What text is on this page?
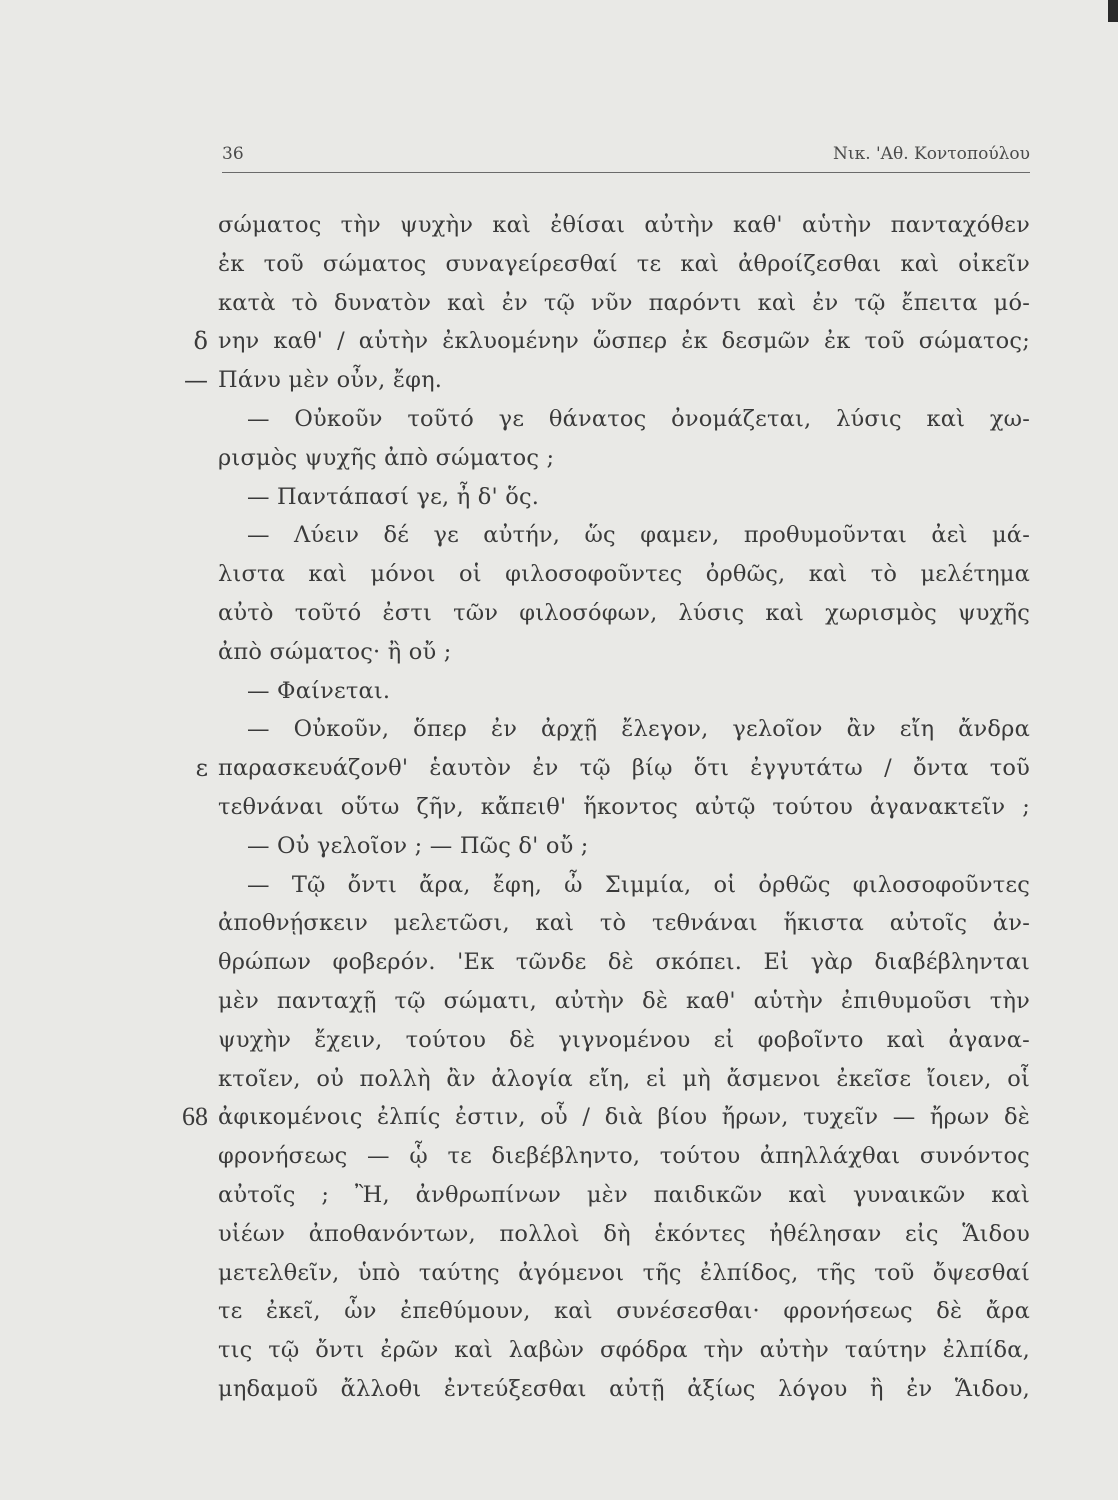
36	Νικ. 'Αθ. Κοντοπούλου
σώματος τὴν ψυχὴν καὶ ἐθίσαι αὐτὴν καθ' αὑτὴν πανταχόθεν
ἐκ τοῦ σώματος συναγείρεσθαί τε καὶ ἀθροίζεσθαι καὶ οἰκεῖν
κατὰ τὸ δυνατὸν καὶ ἐν τῷ νῦν παρόντι καὶ ἐν τῷ ἔπειτα μό-
δ νην καθ' / αὑτὴν ἐκλυομένην ὥσπερ ἐκ δεσμῶν ἐκ τοῦ σώματος;
— Πάνυ μὲν οὖν, ἔφη.
— Οὐκοῦν τοῦτό γε θάνατος ὀνομάζεται, λύσις καὶ χω-
ρισμὸς ψυχῆς ἀπὸ σώματος ;
— Παντάπασί γε, ἦ δ' ὅς.
— Λύειν δέ γε αὐτήν, ὥς φαμεν, προθυμοῦνται ἀεὶ μά-
λιστα καὶ μόνοι οἱ φιλοσοφοῦντες ὀρθῶς, καὶ τὸ μελέτημα
αὐτὸ τοῦτό ἐστι τῶν φιλοσόφων, λύσις καὶ χωρισμὸς ψυχῆς
ἀπὸ σώματος· ἢ οὔ ;
— Φαίνεται.
— Οὐκοῦν, ὅπερ ἐν ἀρχῇ ἔλεγον, γελοῖον ἂν εἴη ἄνδρα
ε παρασκευάζονθ' ἑαυτὸν ἐν τῷ βίῳ ὅτι ἐγγυτάτω / ὄντα τοῦ
τεθνάναι οὕτω ζῆν, κἄπειθ' ἥκοντος αὐτῷ τούτου ἀγανακτεῖν ;
— Οὐ γελοῖον ; — Πῶς δ' οὔ ;
— Τῷ ὄντι ἄρα, ἔφη, ὦ Σιμμία, οἱ ὀρθῶς φιλοσοφοῦντες
ἀποθνῄσκειν μελετῶσι, καὶ τὸ τεθνάναι ἥκιστα αὐτοῖς ἀν-
θρώπων φοβερόν. 'Εκ τῶνδε δὲ σκόπει. Εἰ γὰρ διαβέβληνται
μὲν πανταχῇ τῷ σώματι, αὐτὴν δὲ καθ' αὑτὴν ἐπιθυμοῦσι τὴν
ψυχὴν ἔχειν, τούτου δὲ γιγνομένου εἰ φοβοῖντο καὶ ἀγανα-
κτοῖεν, οὐ πολλὴ ἂν ἀλογία εἴη, εἰ μὴ ἄσμενοι ἐκεῖσε ἴοιεν, οἷ
68 ἀφικομένοις ἐλπίς ἐστιν, οὗ / διὰ βίου ἤρων, τυχεῖν — ἤρων δὲ
φρονήσεως — ᾧ τε διεβέβληντο, τούτου ἀπηλλάχθαι συνόντος
αὐτοῖς ; Ἢ, ἀνθρωπίνων μὲν παιδικῶν καὶ γυναικῶν καὶ
υἱέων ἀποθανόντων, πολλοὶ δὴ ἑκόντες ἠθέλησαν εἰς Ἅιδου
μετελθεῖν, ὑπὸ ταύτης ἀγόμενοι τῆς ἐλπίδος, τῆς τοῦ ὄψεσθαί
τε ἐκεῖ, ὧν ἐπεθύμουν, καὶ συνέσεσθαι· φρονήσεως δὲ ἄρα
τις τῷ ὄντι ἐρῶν καὶ λαβὼν σφόδρα τὴν αὐτὴν ταύτην ἐλπίδα,
μηδαμοῦ ἄλλοθι ἐντεύξεσθαι αὐτῇ ἀξίως λόγου ἢ ἐν Ἅιδου,
